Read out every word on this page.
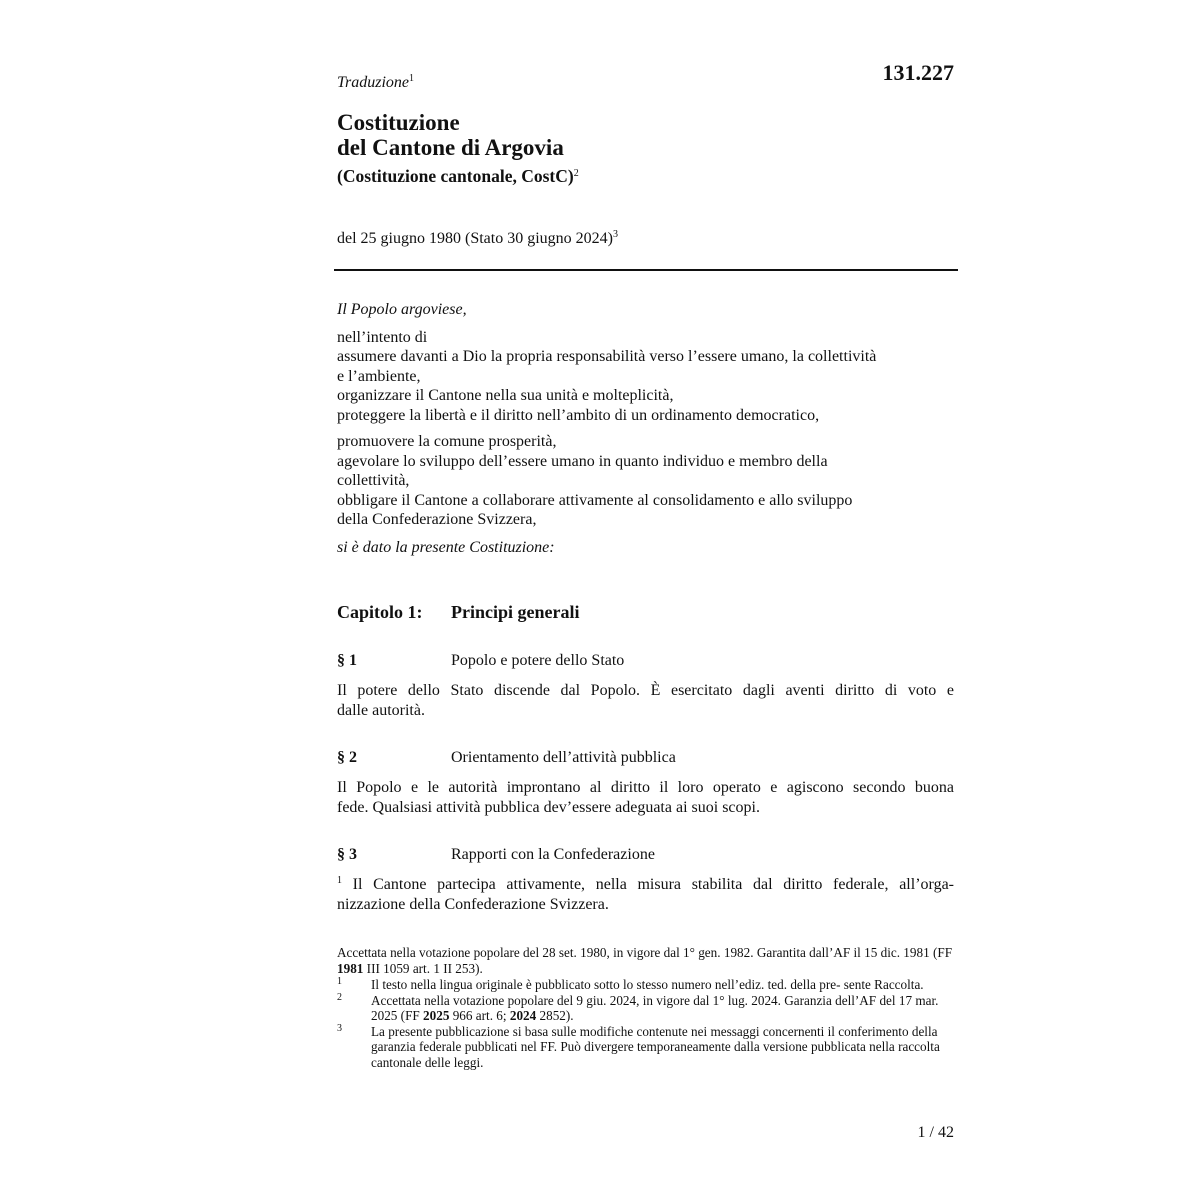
Traduzione$^1$	131.227
Costituzione
del Cantone di Argovia
(Costituzione cantonale, CostC)$^2$
del 25 giugno 1980 (Stato 30 giugno 2024)$^3$
Il Popolo argoviese,
nell’intento di
assumere davanti a Dio la propria responsabilità verso l’essere umano, la collettività
e l’ambiente,
organizzare il Cantone nella sua unità e molteplicità,
proteggere la libertà e il diritto nell’ambito di un ordinamento democratico,
promuovere la comune prosperità,
agevolare lo sviluppo dell’essere umano in quanto individuo e membro della
collettività,
obbligare il Cantone a collaborare attivamente al consolidamento e allo sviluppo
della Confederazione Svizzera,
si è dato la presente Costituzione:
Capitolo 1: Principi generali
§ 1	Popolo e potere dello Stato
Il potere dello Stato discende dal Popolo. È esercitato dagli aventi diritto di voto e
dalle autorità.
§ 2	Orientamento dell’attività pubblica
Il Popolo e le autorità improntano al diritto il loro operato e agiscono secondo buona
fede. Qualsiasi attività pubblica dev’essere adeguata ai suoi scopi.
§ 3	Rapporti con la Confederazione
$^1$ Il Cantone partecipa attivamente, nella misura stabilita dal diritto federale, all’orga-
nizzazione della Confederazione Svizzera.
Accettata nella votazione popolare del 28 set. 1980, in vigore dal 1° gen. 1982. Garantita dall’AF il 15 dic. 1981 (FF 1981 III 1059 art. 1 II 253).
1 Il testo nella lingua originale è pubblicato sotto lo stesso numero nell’ediz. ted. della pre- sente Raccolta.
2 Accettata nella votazione popolare del 9 giu. 2024, in vigore dal 1° lug. 2024. Garanzia dell’AF del 17 mar. 2025 (FF 2025 966 art. 6; 2024 2852).
3 La presente pubblicazione si basa sulle modifiche contenute nei messaggi concernenti il conferimento della garanzia federale pubblicati nel FF. Può divergere temporaneamente dalla versione pubblicata nella raccolta cantonale delle leggi.
1 / 42
